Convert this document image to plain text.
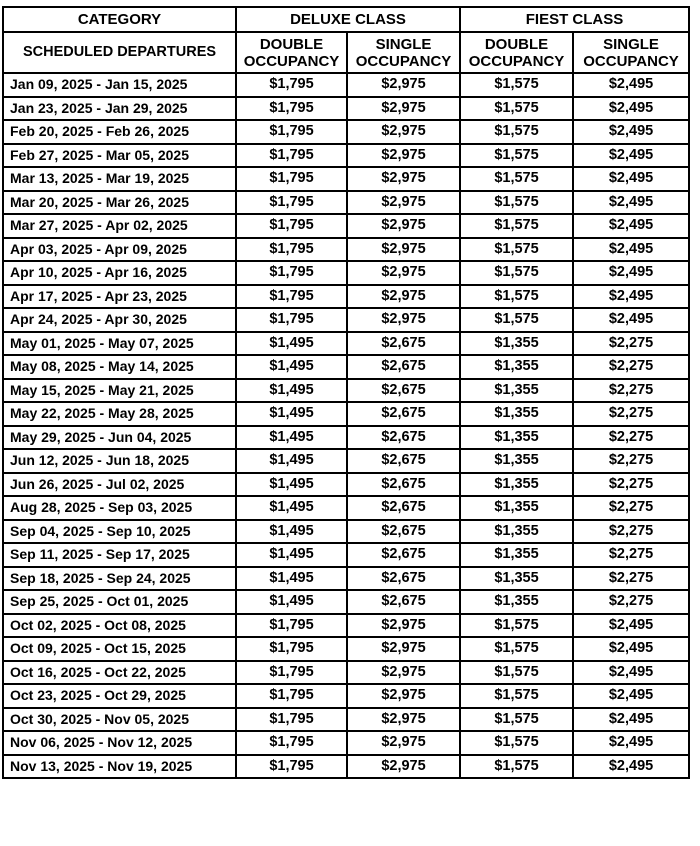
CATEGORY	DELUXE CLASS		FIEST CLASS	
SCHEDULED DEPARTURES	DOUBLE OCCUPANCY	SINGLE OCCUPANCY	DOUBLE OCCUPANCY	SINGLE OCCUPANCY

Jan 09, 2025 - Jan 15, 2025	$1,795	$2,975	$1,575	$2,495
Jan 23, 2025 - Jan 29, 2025	$1,795	$2,975	$1,575	$2,495
Feb 20, 2025 - Feb 26, 2025	$1,795	$2,975	$1,575	$2,495
Feb 27, 2025 - Mar 05, 2025	$1,795	$2,975	$1,575	$2,495
Mar 13, 2025 - Mar 19, 2025	$1,795	$2,975	$1,575	$2,495
Mar 20, 2025 - Mar 26, 2025	$1,795	$2,975	$1,575	$2,495
Mar 27, 2025 - Apr 02, 2025	$1,795	$2,975	$1,575	$2,495
Apr 03, 2025 - Apr 09, 2025	$1,795	$2,975	$1,575	$2,495
Apr 10, 2025 - Apr 16, 2025	$1,795	$2,975	$1,575	$2,495
Apr 17, 2025 - Apr 23, 2025	$1,795	$2,975	$1,575	$2,495
Apr 24, 2025 - Apr 30, 2025	$1,795	$2,975	$1,575	$2,495
May 01, 2025 - May 07, 2025	$1,495	$2,675	$1,355	$2,275
May 08, 2025 - May 14, 2025	$1,495	$2,675	$1,355	$2,275
May 15, 2025 - May 21, 2025	$1,495	$2,675	$1,355	$2,275
May 22, 2025 - May 28, 2025	$1,495	$2,675	$1,355	$2,275
May 29, 2025 - Jun 04, 2025	$1,495	$2,675	$1,355	$2,275
Jun 12, 2025 - Jun 18, 2025	$1,495	$2,675	$1,355	$2,275
Jun 26, 2025 - Jul 02, 2025	$1,495	$2,675	$1,355	$2,275
Aug 28, 2025 - Sep 03, 2025	$1,495	$2,675	$1,355	$2,275
Sep 04, 2025 - Sep 10, 2025	$1,495	$2,675	$1,355	$2,275
Sep 11, 2025 - Sep 17, 2025	$1,495	$2,675	$1,355	$2,275
Sep 18, 2025 - Sep 24, 2025	$1,495	$2,675	$1,355	$2,275
Sep 25, 2025 - Oct 01, 2025	$1,495	$2,675	$1,355	$2,275
Oct 02, 2025 - Oct 08, 2025	$1,795	$2,975	$1,575	$2,495
Oct 09, 2025 - Oct 15, 2025	$1,795	$2,975	$1,575	$2,495
Oct 16, 2025 - Oct 22, 2025	$1,795	$2,975	$1,575	$2,495
Oct 23, 2025 - Oct 29, 2025	$1,795	$2,975	$1,575	$2,495
Oct 30, 2025 - Nov 05, 2025	$1,795	$2,975	$1,575	$2,495
Nov 06, 2025 - Nov 12, 2025	$1,795	$2,975	$1,575	$2,495
Nov 13, 2025 - Nov 19, 2025	$1,795	$2,975	$1,575	$2,495
